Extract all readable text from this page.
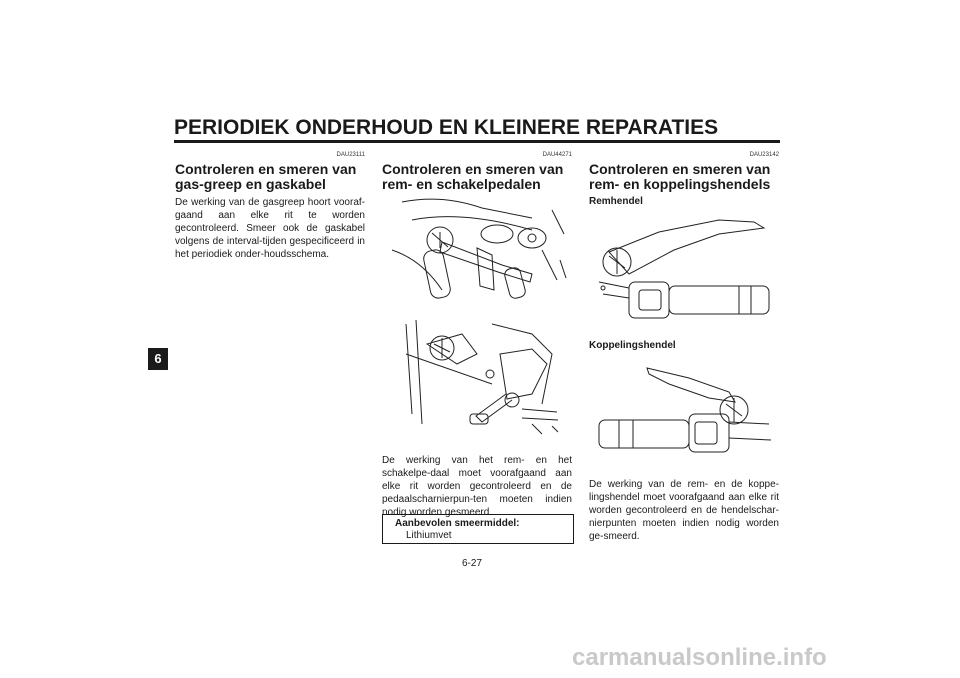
PERIODIEK ONDERHOUD EN KLEINERE REPARATIES
6
DAU23111
Controleren en smeren van gas-greep en gaskabel

De werking van de gasgreep hoort vooraf-gaand aan elke rit te worden gecontroleerd. Smeer ook de gaskabel volgens de interval-tijden gespecificeerd in het periodiek onder-houdsschema.

DAU44271
Controleren en smeren van rem- en schakelpedalen

De werking van het rem- en het schakelpe-daal moet voorafgaand aan elke rit worden gecontroleerd en de pedaalscharnierpun-ten moeten indien nodig worden gesmeerd.

Aanbevolen smeermiddel:
Lithiumvet
DAU23142
Controleren en smeren van rem- en koppelingshendels
Remhendel
Koppelingshendel

De werking van de rem- en de koppe-lingshendel moet voorafgaand aan elke rit worden gecontroleerd en de hendelschar-nierpunten moeten indien nodig worden ge-smeerd.

6-27
carmanualsonline.info
